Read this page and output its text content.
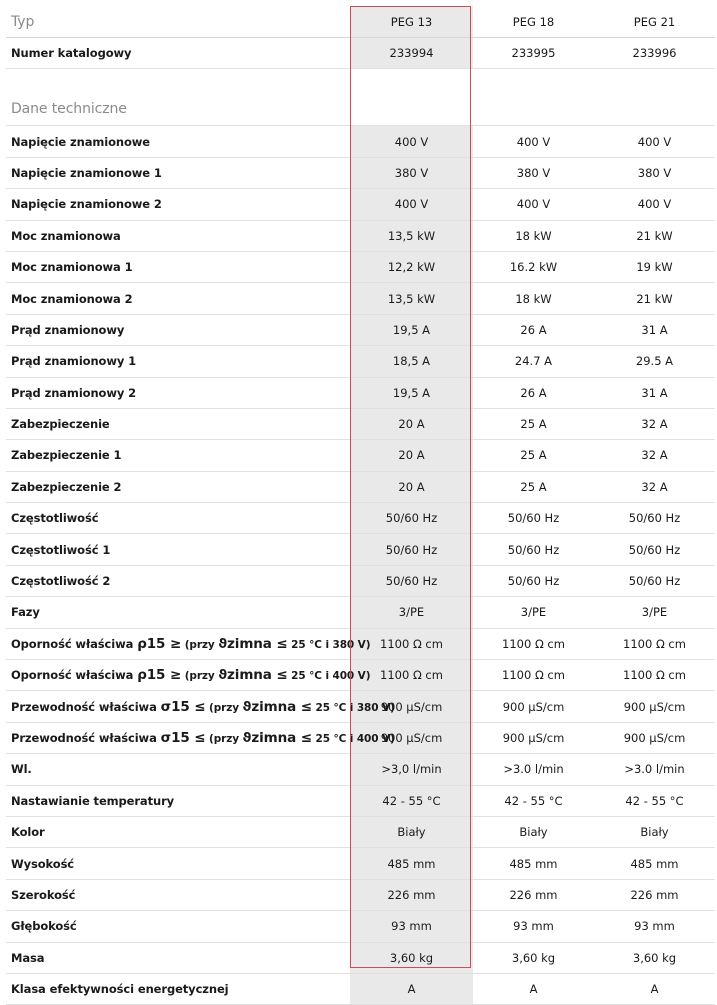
Typ	PEG 13	PEG 18	PEG 21
Numer katalogowy	233994	233995	233996
Dane techniczne			
Napięcie znamionowe	400 V	400 V	400 V
Napięcie znamionowe 1	380 V	380 V	380 V
Napięcie znamionowe 2	400 V	400 V	400 V
Moc znamionowa	13,5 kW	18 kW	21 kW
Moc znamionowa 1	12,2 kW	16.2 kW	19 kW
Moc znamionowa 2	13,5 kW	18 kW	21 kW
Prąd znamionowy	19,5 A	26 A	31 A
Prąd znamionowy 1	18,5 A	24.7 A	29.5 A
Prąd znamionowy 2	19,5 A	26 A	31 A
Zabezpieczenie	20 A	25 A	32 A
Zabezpieczenie 1	20 A	25 A	32 A
Zabezpieczenie 2	20 A	25 A	32 A
Częstotliwość	50/60 Hz	50/60 Hz	50/60 Hz
Częstotliwość 1	50/60 Hz	50/60 Hz	50/60 Hz
Częstotliwość 2	50/60 Hz	50/60 Hz	50/60 Hz
Fazy	3/PE	3/PE	3/PE
Oporność właściwa ρ15 ≥ (przy ϑzimna ≤ 25 °C i 380 V)	1100 Ω cm	1100 Ω cm	1100 Ω cm
Oporność właściwa ρ15 ≥ (przy ϑzimna ≤ 25 °C i 400 V)	1100 Ω cm	1100 Ω cm	1100 Ω cm
Przewodność właściwa σ15 ≤ (przy ϑzimna ≤ 25 °C i 380 V)	900 μS/cm	900 μS/cm	900 μS/cm
Przewodność właściwa σ15 ≤ (przy ϑzimna ≤ 25 °C i 400 V)	900 μS/cm	900 μS/cm	900 μS/cm
Wl.	>3,0 l/min	>3.0 l/min	>3.0 l/min
Nastawianie temperatury	42 - 55 °C	42 - 55 °C	42 - 55 °C
Kolor	Biały	Biały	Biały
Wysokość	485 mm	485 mm	485 mm
Szerokość	226 mm	226 mm	226 mm
Głębokość	93 mm	93 mm	93 mm
Masa	3,60 kg	3,60 kg	3,60 kg
Klasa efektywności energetycznej	A	A	A
